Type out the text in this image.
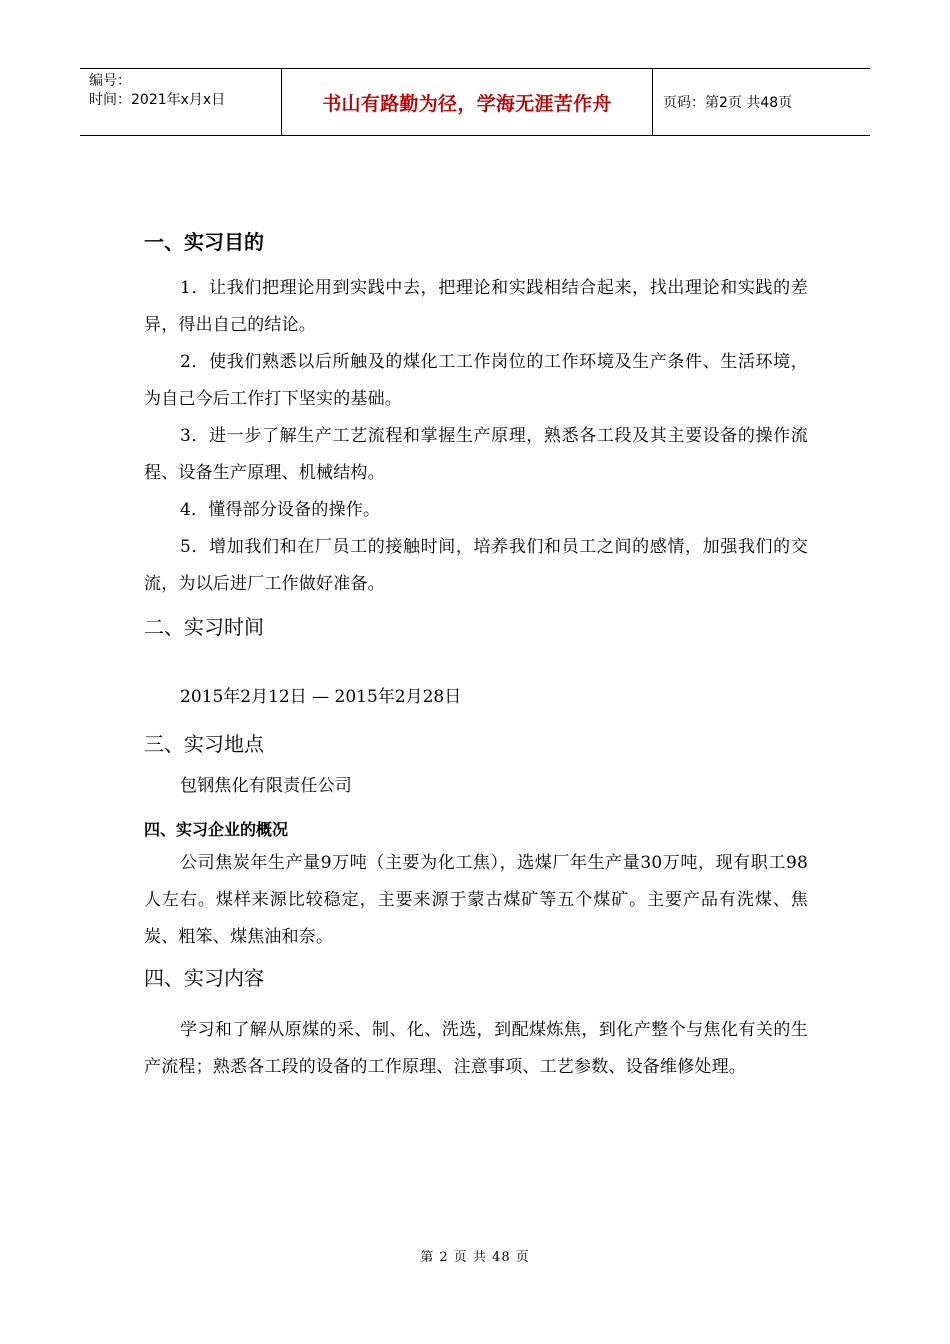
编号：
时间：2021年x月x日	书山有路勤为径，学海无涯苦作舟	页码：第2页 共48页
一、实习目的

1．让我们把理论用到实践中去，把理论和实践相结合起来，找出理论和实践的差异，得出自己的结论。

2．使我们熟悉以后所触及的煤化工工作岗位的工作环境及生产条件、生活环境，为自己今后工作打下坚实的基础。

3．进一步了解生产工艺流程和掌握生产原理，熟悉各工段及其主要设备的操作流程、设备生产原理、机械结构。

4．懂得部分设备的操作。

5．增加我们和在厂员工的接触时间，培养我们和员工之间的感情，加强我们的交流，为以后进厂工作做好准备。

二、实习时间

2015年2月12日 — 2015年2月28日

三、实习地点

包钢焦化有限责任公司

四、实习企业的概况

公司焦炭年生产量9万吨（主要为化工焦），选煤厂年生产量30万吨，现有职工98人左右。煤样来源比较稳定，主要来源于蒙古煤矿等五个煤矿。主要产品有洗煤、焦炭、粗笨、煤焦油和奈。

四、实习内容

学习和了解从原煤的采、制、化、洗选，到配煤炼焦，到化产整个与焦化有关的生产流程；熟悉各工段的设备的工作原理、注意事项、工艺参数、设备维修处理。

第 2 页 共 48 页
